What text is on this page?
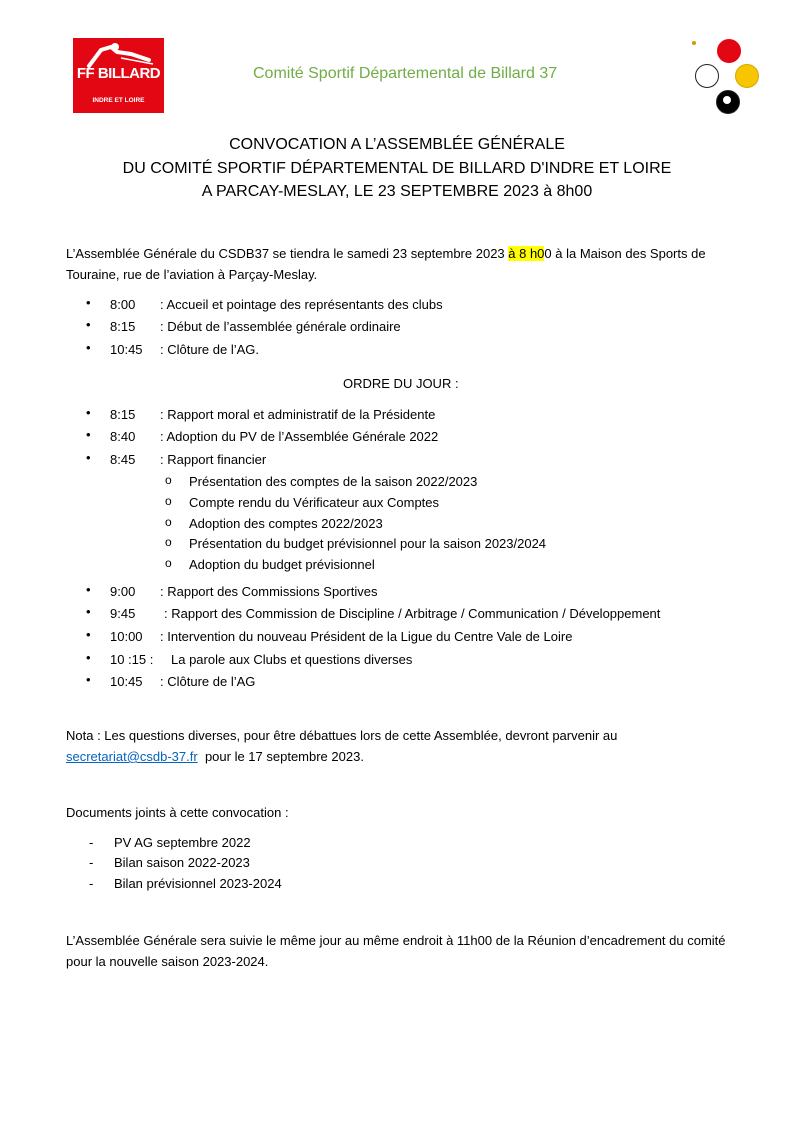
FF BILLARD
INDRE ET LOIRE
Comité Sportif Départemental de Billard 37
CONVOCATION A L’ASSEMBLÉE GÉNÉRALE
DU COMITÉ SPORTIF DÉPARTEMENTAL DE BILLARD D'INDRE ET LOIRE
A PARCAY-MESLAY, LE 23 SEPTEMBRE 2023 à 8h00
L’Assemblée Générale du CSDB37 se tiendra le samedi 23 septembre 2023 à 8 h00 à la Maison des Sports de Touraine, rue de l’aviation à Parçay-Meslay.
• 8:00 : Accueil et pointage des représentants des clubs
• 8:15 : Début de l’assemblée générale ordinaire
• 10:45 : Clôture de l’AG.
ORDRE DU JOUR :
• 8:15 : Rapport moral et administratif de la Présidente
• 8:40 : Adoption du PV de l’Assemblée Générale 2022
• 8:45 : Rapport financier
o Présentation des comptes de la saison 2022/2023
o Compte rendu du Vérificateur aux Comptes
o Adoption des comptes 2022/2023
o Présentation du budget prévisionnel pour la saison 2023/2024
o Adoption du budget prévisionnel
• 9:00 : Rapport des Commissions Sportives
• 9:45 : Rapport des Commission de Discipline / Arbitrage / Communication / Développement
• 10:00 : Intervention du nouveau Président de la Ligue du Centre Vale de Loire
• 10 :15 : La parole aux Clubs et questions diverses
• 10:45 : Clôture de l’AG
Nota : Les questions diverses, pour être débattues lors de cette Assemblée, devront parvenir au
secretariat@csdb-37.fr pour le 17 septembre 2023.
Documents joints à cette convocation :
- PV AG septembre 2022
- Bilan saison 2022-2023
- Bilan prévisionnel 2023-2024
L’Assemblée Générale sera suivie le même jour au même endroit à 11h00 de la Réunion d’encadrement du comité pour la nouvelle saison 2023-2024.
